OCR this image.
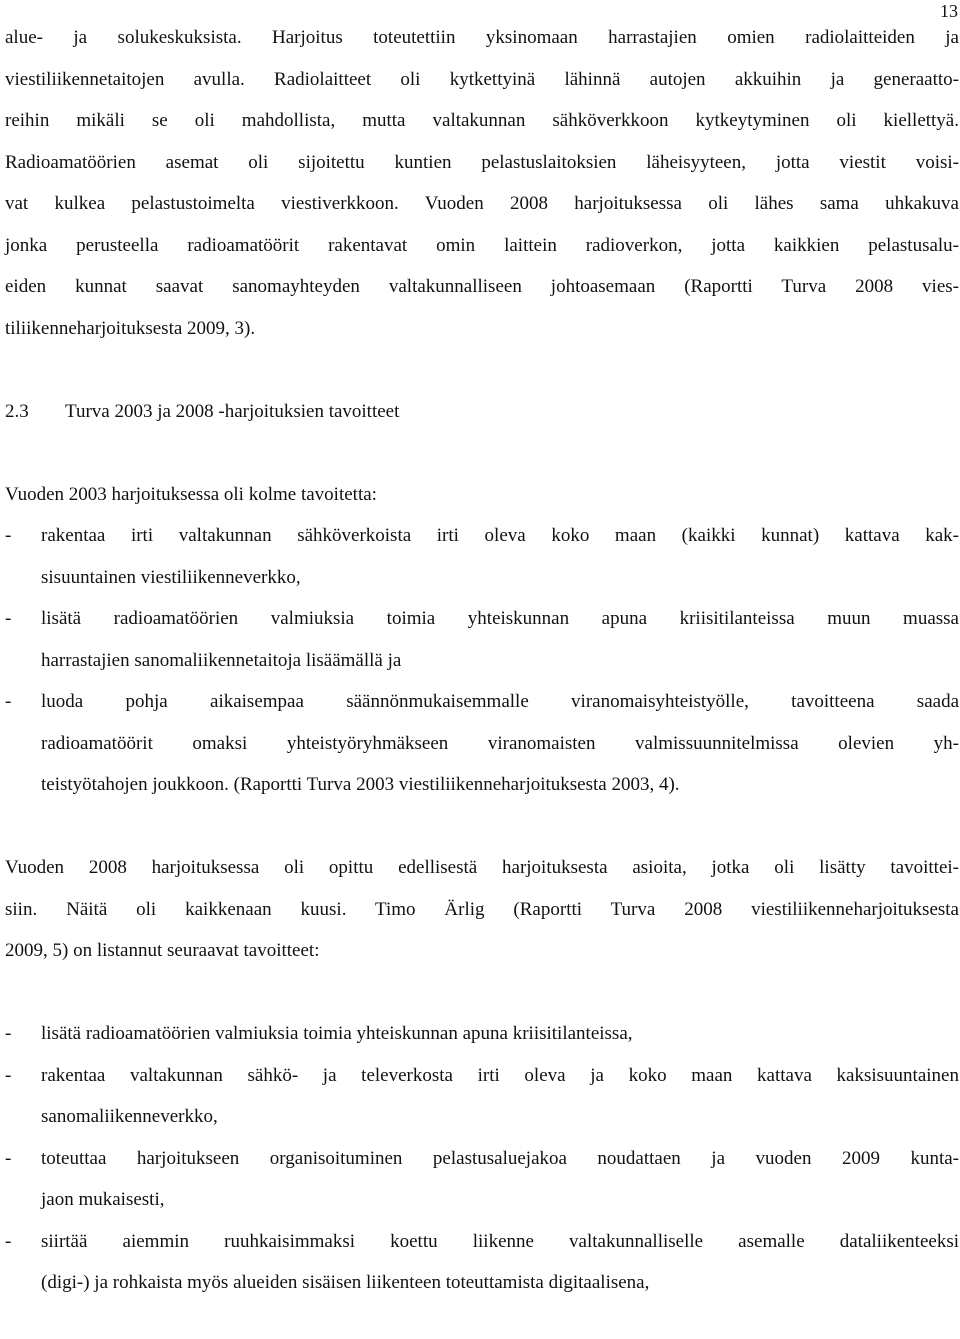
13
alue- ja solukeskuksista. Harjoitus toteutettiin yksinomaan harrastajien omien radiolaitteiden ja
viestiliikennetaitojen avulla. Radiolaitteet oli kytkettyinä lähinnä autojen akkuihin ja generaatto-
reihin mikäli se oli mahdollista, mutta valtakunnan sähköverkkoon kytkeytyminen oli kiellettyä.
Radioamatöörien asemat oli sijoitettu kuntien pelastuslaitoksien läheisyyteen, jotta viestit voisi-
vat kulkea pelastustoimelta viestiverkkoon. Vuoden 2008 harjoituksessa oli lähes sama uhkakuva
jonka perusteella radioamatöörit rakentavat omin laittein radioverkon, jotta kaikkien pelastusalu-
eiden kunnat saavat sanomayhteyden valtakunnalliseen johtoasemaan (Raportti Turva 2008 vies-
tiliikenneharjoituksesta 2009, 3).
2.3 Turva 2003 ja 2008 -harjoituksien tavoitteet
Vuoden 2003 harjoituksessa oli kolme tavoitetta:
- rakentaa irti valtakunnan sähköverkoista irti oleva koko maan (kaikki kunnat) kattava kak-
sisuuntainen viestiliikenneverkko,
- lisätä radioamatöörien valmiuksia toimia yhteiskunnan apuna kriisitilanteissa muun muassa
harrastajien sanomaliikennetaitoja lisäämällä ja
- luoda pohja aikaisempaa säännönmukaisemmalle viranomaisyhteistyölle, tavoitteena saada
radioamatöörit omaksi yhteistyöryhmäkseen viranomaisten valmissuunnitelmissa olevien yh-
teistyötahojen joukkoon. (Raportti Turva 2003 viestiliikenneharjoituksesta 2003, 4).
Vuoden 2008 harjoituksessa oli opittu edellisestä harjoituksesta asioita, jotka oli lisätty tavoittei-
siin. Näitä oli kaikkenaan kuusi. Timo Ärlig (Raportti Turva 2008 viestiliikenneharjoituksesta
2009, 5) on listannut seuraavat tavoitteet:
- lisätä radioamatöörien valmiuksia toimia yhteiskunnan apuna kriisitilanteissa,
- rakentaa valtakunnan sähkö- ja televerkosta irti oleva ja koko maan kattava kaksisuuntainen
sanomaliikenneverkko,
- toteuttaa harjoitukseen organisoituminen pelastusaluejakoa noudattaen ja vuoden 2009 kunta-
jaon mukaisesti,
- siirtää aiemmin ruuhkaisimmaksi koettu liikenne valtakunnalliselle asemalle dataliikenteeksi
(digi-) ja rohkaista myös alueiden sisäisen liikenteen toteuttamista digitaalisena,
